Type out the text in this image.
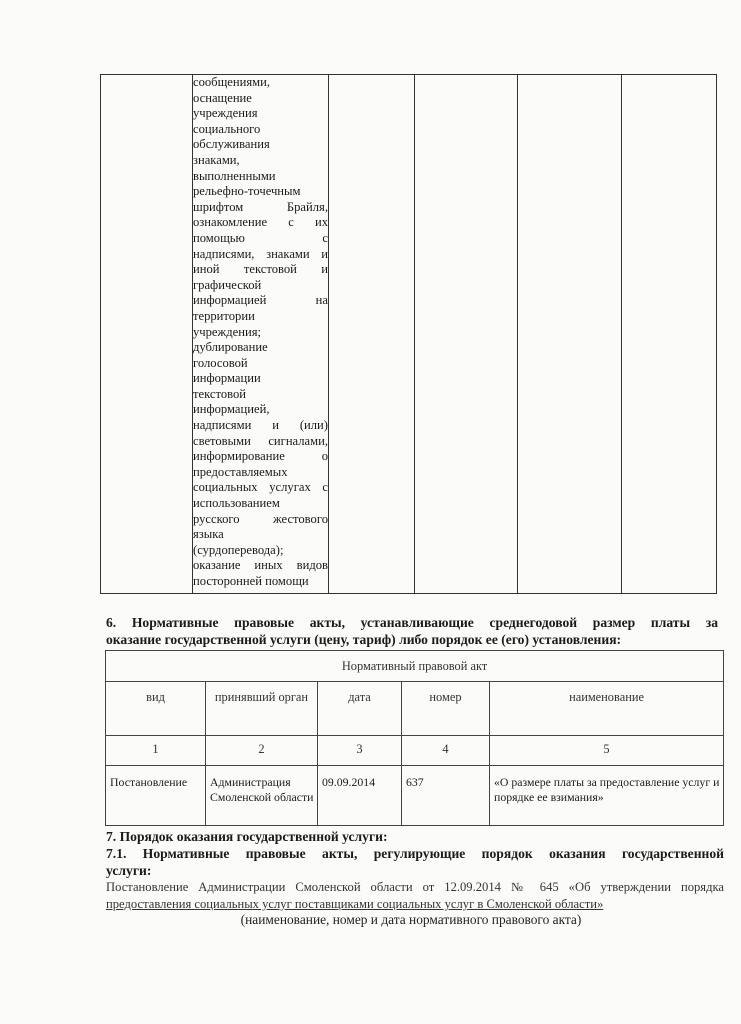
сообщениями,
оснащение
учреждения
социального
обслуживания
знаками,
выполненными
рельефно-точечным
шрифтом Брайля,
ознакомление с их
помощью с
надписями, знаками и
иной текстовой и
графической
информацией на
территории
учреждения;
дублирование
голосовой
информации
текстовой
информацией,
надписями и (или)
световыми сигналами,
информирование о
предоставляемых
социальных услугах с
использованием
русского жестового
языка
(сурдоперевода);
оказание иных видов
посторонней помощи

6. Нормативные правовые акты, устанавливающие среднегодовой размер платы за
оказание государственной услуги (цену, тариф) либо порядок ее (его) установления:
Нормативный правовой акт				
вид	принявший орган	дата	номер	наименование
1	2	3	4	5
Постановление	Администрация Смоленской области	09.09.2014	637	«О размере платы за предоставление услуг и порядке ее взимания»
7. Порядок оказания государственной услуги:
7.1. Нормативные правовые акты, регулирующие порядок оказания государственной
услуги:
Постановление Администрации Смоленской области от 12.09.2014 № 645 «Об утверждении порядка
предоставления социальных услуг поставщиками социальных услуг в Смоленской области»
(наименование, номер и дата нормативного правового акта)
